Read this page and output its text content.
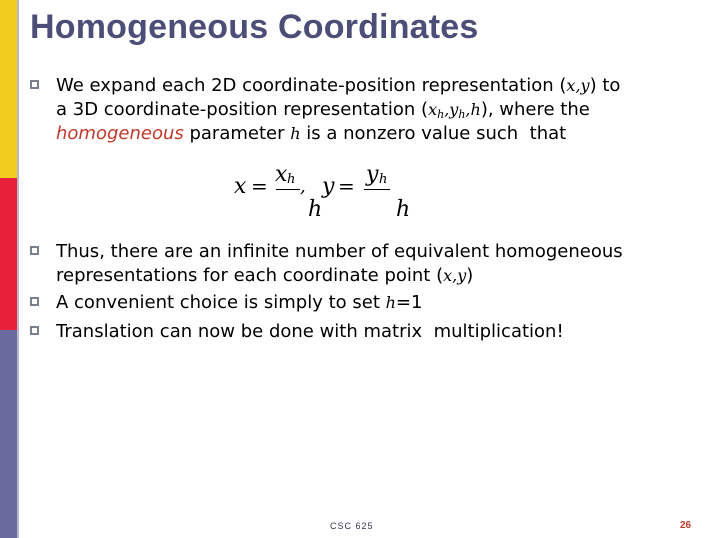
Homogeneous Coordinates
We expand each 2D coordinate-position representation (x,y) to
a 3D coordinate-position representation $(x_h,y_h,h)$, where the
homogeneous parameter h is a nonzero value such  that
x = x h
h
, y = y h
h
Thus, there are an infinite number of equivalent homogeneous
representations for each coordinate point (x,y)
A convenient choice is simply to set h=1
Translation can now be done with matrix  multiplication!
CSC 625	26
